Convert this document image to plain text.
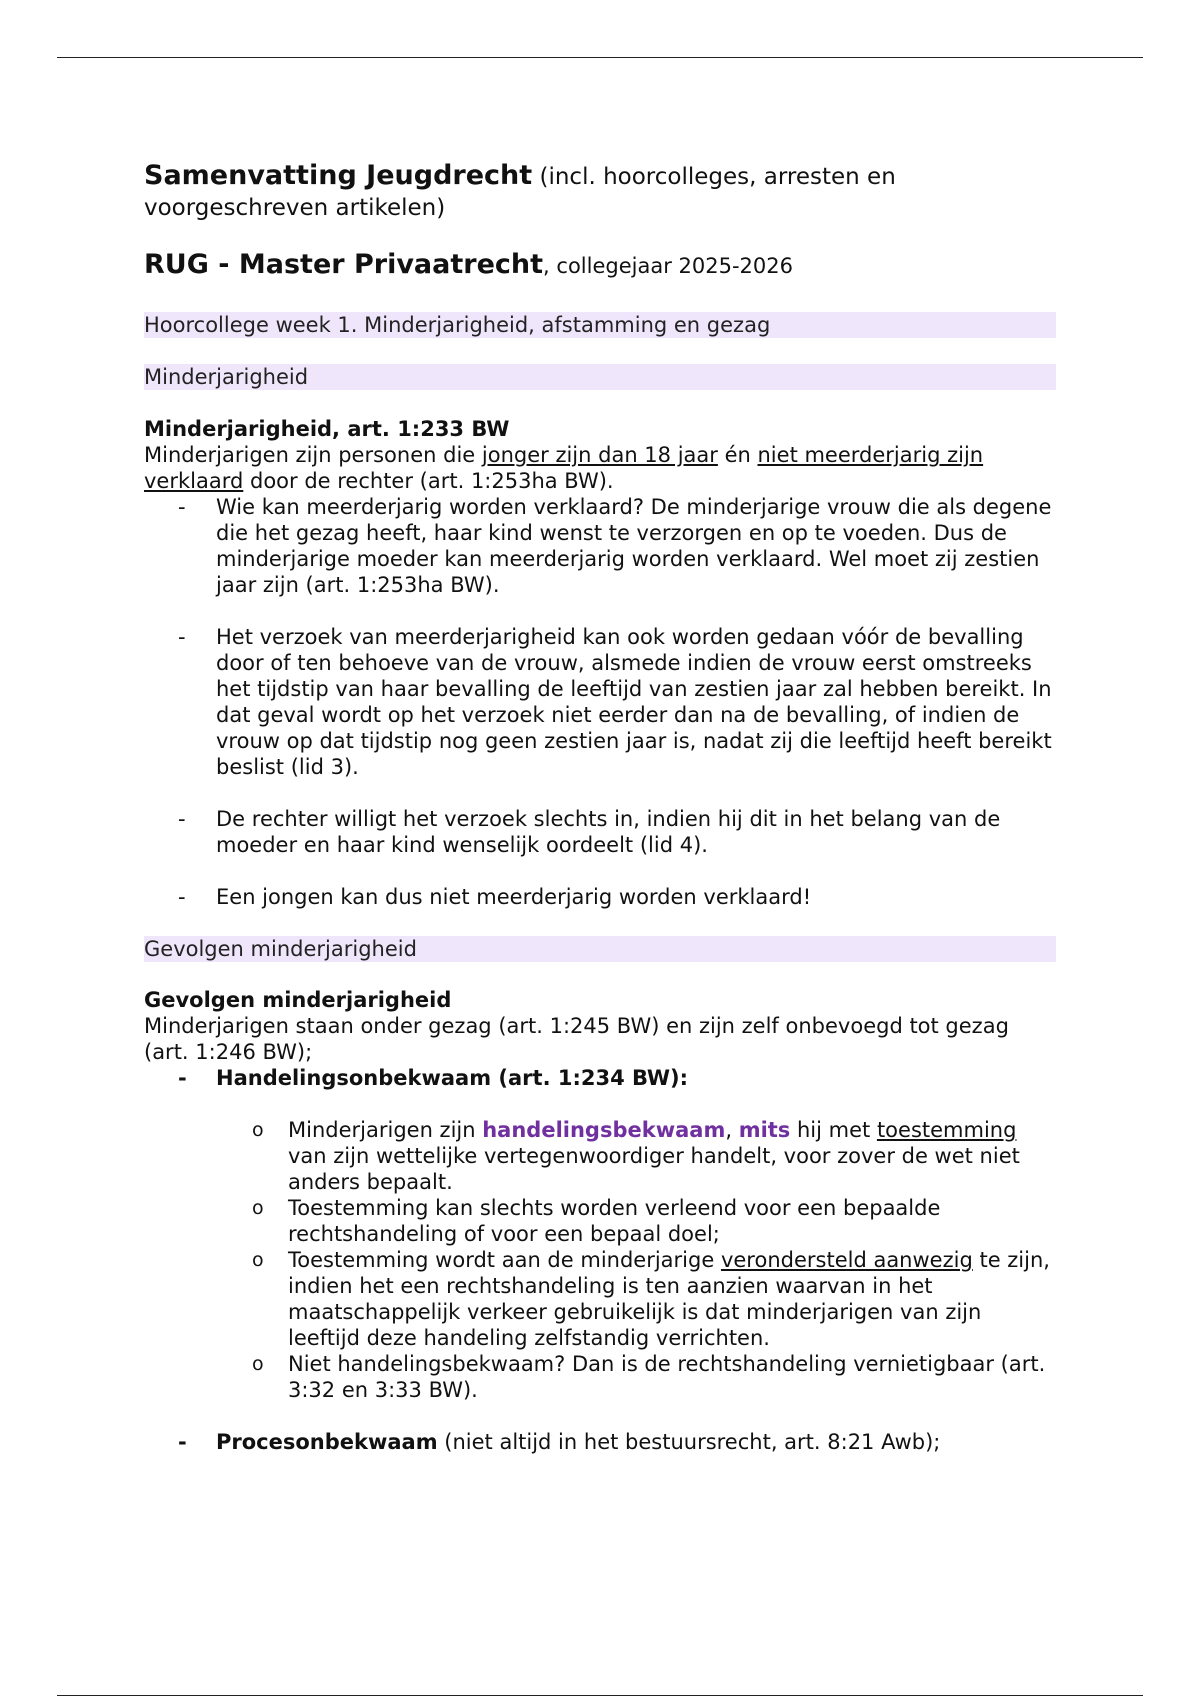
Samenvatting Jeugdrecht (incl. hoorcolleges, arresten en voorgeschreven artikelen)

RUG - Master Privaatrecht, collegejaar 2025-2026
Hoorcollege week 1. Minderjarigheid, afstamming en gezag
Minderjarigheid
Minderjarigheid, art. 1:233 BW
Minderjarigen zijn personen die jonger zijn dan 18 jaar én niet meerderjarig zijn verklaard door de rechter (art. 1:253ha BW).
-	Wie kan meerderjarig worden verklaard? De minderjarige vrouw die als degene die het gezag heeft, haar kind wenst te verzorgen en op te voeden. Dus de minderjarige moeder kan meerderjarig worden verklaard. Wel moet zij zestien jaar zijn (art. 1:253ha BW).
-	Het verzoek van meerderjarigheid kan ook worden gedaan vóór de bevalling door of ten behoeve van de vrouw, alsmede indien de vrouw eerst omstreeks het tijdstip van haar bevalling de leeftijd van zestien jaar zal hebben bereikt. In dat geval wordt op het verzoek niet eerder dan na de bevalling, of indien de vrouw op dat tijdstip nog geen zestien jaar is, nadat zij die leeftijd heeft bereikt beslist (lid 3).
-	De rechter willigt het verzoek slechts in, indien hij dit in het belang van de moeder en haar kind wenselijk oordeelt (lid 4).
-	Een jongen kan dus niet meerderjarig worden verklaard!
Gevolgen minderjarigheid
Gevolgen minderjarigheid
Minderjarigen staan onder gezag (art. 1:245 BW) en zijn zelf onbevoegd tot gezag (art. 1:246 BW);
-	Handelingsonbekwaam (art. 1:234 BW):
o Minderjarigen zijn handelingsbekwaam, mits hij met toestemming van zijn wettelijke vertegenwoordiger handelt, voor zover de wet niet anders bepaalt.
o Toestemming kan slechts worden verleend voor een bepaalde rechtshandeling of voor een bepaal doel;
o Toestemming wordt aan de minderjarige verondersteld aanwezig te zijn, indien het een rechtshandeling is ten aanzien waarvan in het maatschappelijk verkeer gebruikelijk is dat minderjarigen van zijn leeftijd deze handeling zelfstandig verrichten.
o Niet handelingsbekwaam? Dan is de rechtshandeling vernietigbaar (art. 3:32 en 3:33 BW).
-	Procesonbekwaam (niet altijd in het bestuursrecht, art. 8:21 Awb);
